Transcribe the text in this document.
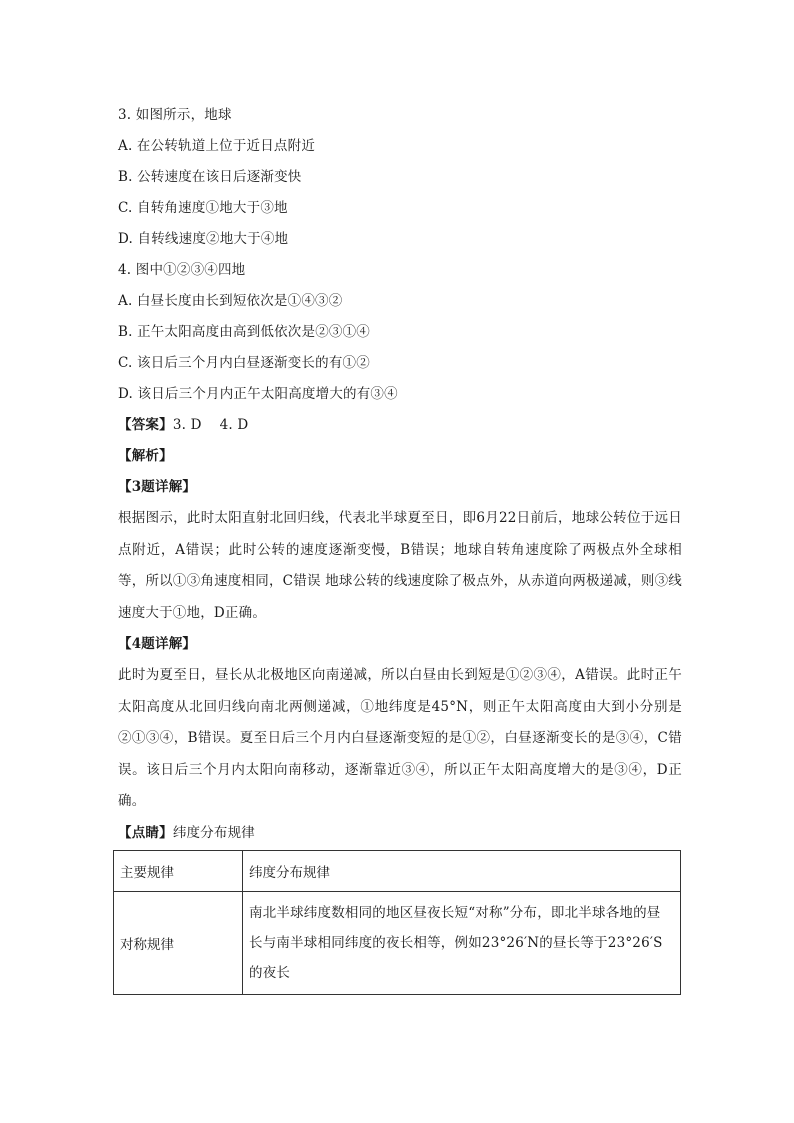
3. 如图所示，地球
A. 在公转轨道上位于近日点附近
B. 公转速度在该日后逐渐变快
C. 自转角速度①地大于③地
D. 自转线速度②地大于④地
4. 图中①②③④四地
A. 白昼长度由长到短依次是①④③②
B. 正午太阳高度由高到低依次是②③①④
C. 该日后三个月内白昼逐渐变长的有①②
D. 该日后三个月内正午太阳高度增大的有③④
【答案】3. D    4. D
【解析】
【3题详解】

根据图示，此时太阳直射北回归线，代表北半球夏至日，即6月22日前后，地球公转位于远日点附近，A错误；此时公转的速度逐渐变慢，B错误；地球自转角速度除了两极点外全球相等，所以①③角速度相同，C错误 地球公转的线速度除了极点外，从赤道向两极递减，则③线速度大于①地，D正确。

【4题详解】

此时为夏至日，昼长从北极地区向南递减，所以白昼由长到短是①②③④，A错误。此时正午太阳高度从北回归线向南北两侧递减，①地纬度是45°N，则正午太阳高度由大到小分别是②①③④，B错误。夏至日后三个月内白昼逐渐变短的是①②，白昼逐渐变长的是③④，C错误。该日后三个月内太阳向南移动，逐渐靠近③④，所以正午太阳高度增大的是③④，D正确。

【点睛】纬度分布规律
主要规律	纬度分布规律
对称规律	南北半球纬度数相同的地区昼夜长短“对称”分布，即北半球各地的昼长与南半球相同纬度的夜长相等，例如23°26′N的昼长等于23°26′S的夜长
